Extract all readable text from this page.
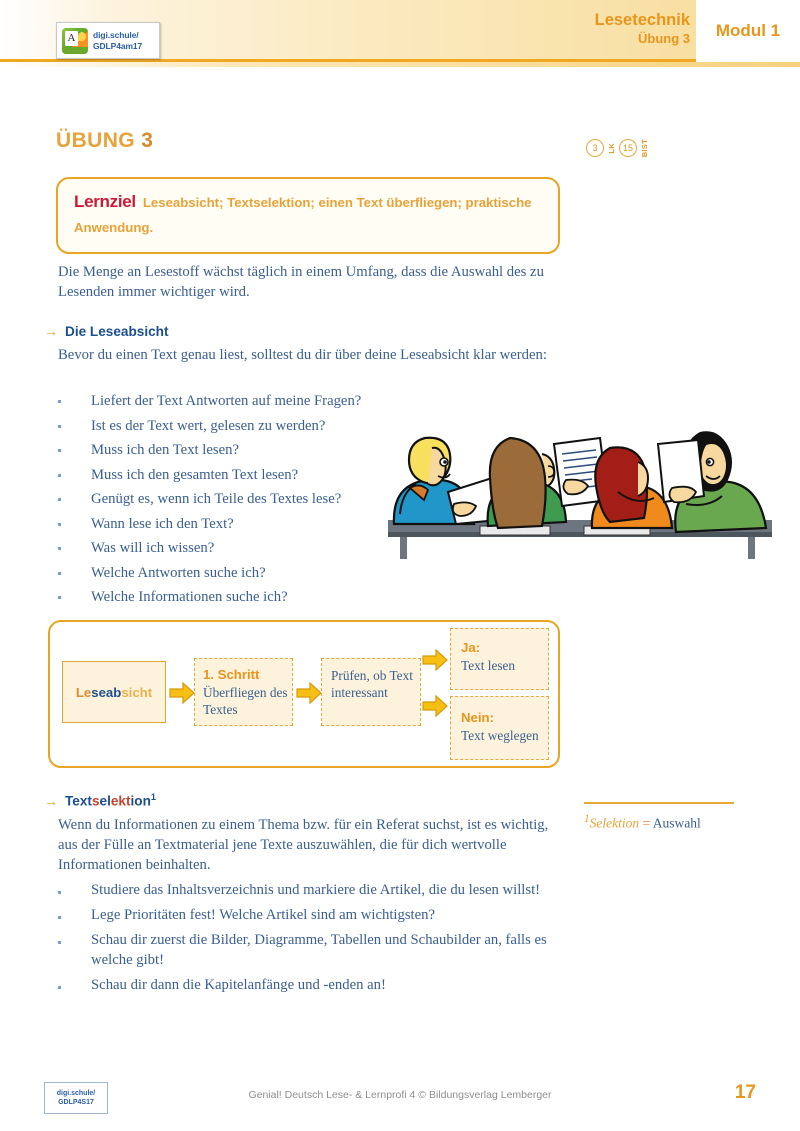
A digi.schule/
GDLP4am17
Lesetechnik
Übung 3 Modul 1
ÜBUNG 3	3	LK 15 BIST
Lernziel Leseabsicht; Textselektion; einen Text überfliegen; praktische Anwendung.
Die Menge an Lesestoff wächst täglich in einem Umfang, dass die Auswahl des zu Lesenden immer wichtiger wird.
→ Die Leseabsicht
Bevor du einen Text genau liest, solltest du dir über deine Leseabsicht klar werden:
Liefert der Text Antworten auf meine Fragen?
Ist es der Text wert, gelesen zu werden?
Muss ich den Text lesen?
Muss ich den gesamten Text lesen?
Genügt es, wenn ich Teile des Textes lese?
Wann lese ich den Text?
Was will ich wissen?
Welche Antworten suche ich?
Welche Informationen suche ich?
Leseabsicht
1. Schritt
Überfliegen des Textes
Prüfen, ob Text interessant
Ja:
Text lesen
Nein:
Text weglegen
→ Textselektion$^1$
Wenn du Informationen zu einem Thema bzw. für ein Referat suchst, ist es wichtig, aus der Fülle an Textmaterial jene Texte auszuwählen, die für dich wertvolle Informationen beinhalten.
$^1$Selektion = Auswahl
Studiere das Inhaltsverzeichnis und markiere die Artikel, die du lesen willst!
Lege Prioritäten fest! Welche Artikel sind am wichtigsten?
Schau dir zuerst die Bilder, Diagramme, Tabellen und Schaubilder an, falls es welche gibt!
Schau dir dann die Kapitelanfänge und -enden an!
digi.schule/
GDLP4S17
Genial! Deutsch Lese- & Lernprofi 4 © Bildungsverlag Lemberger	17
